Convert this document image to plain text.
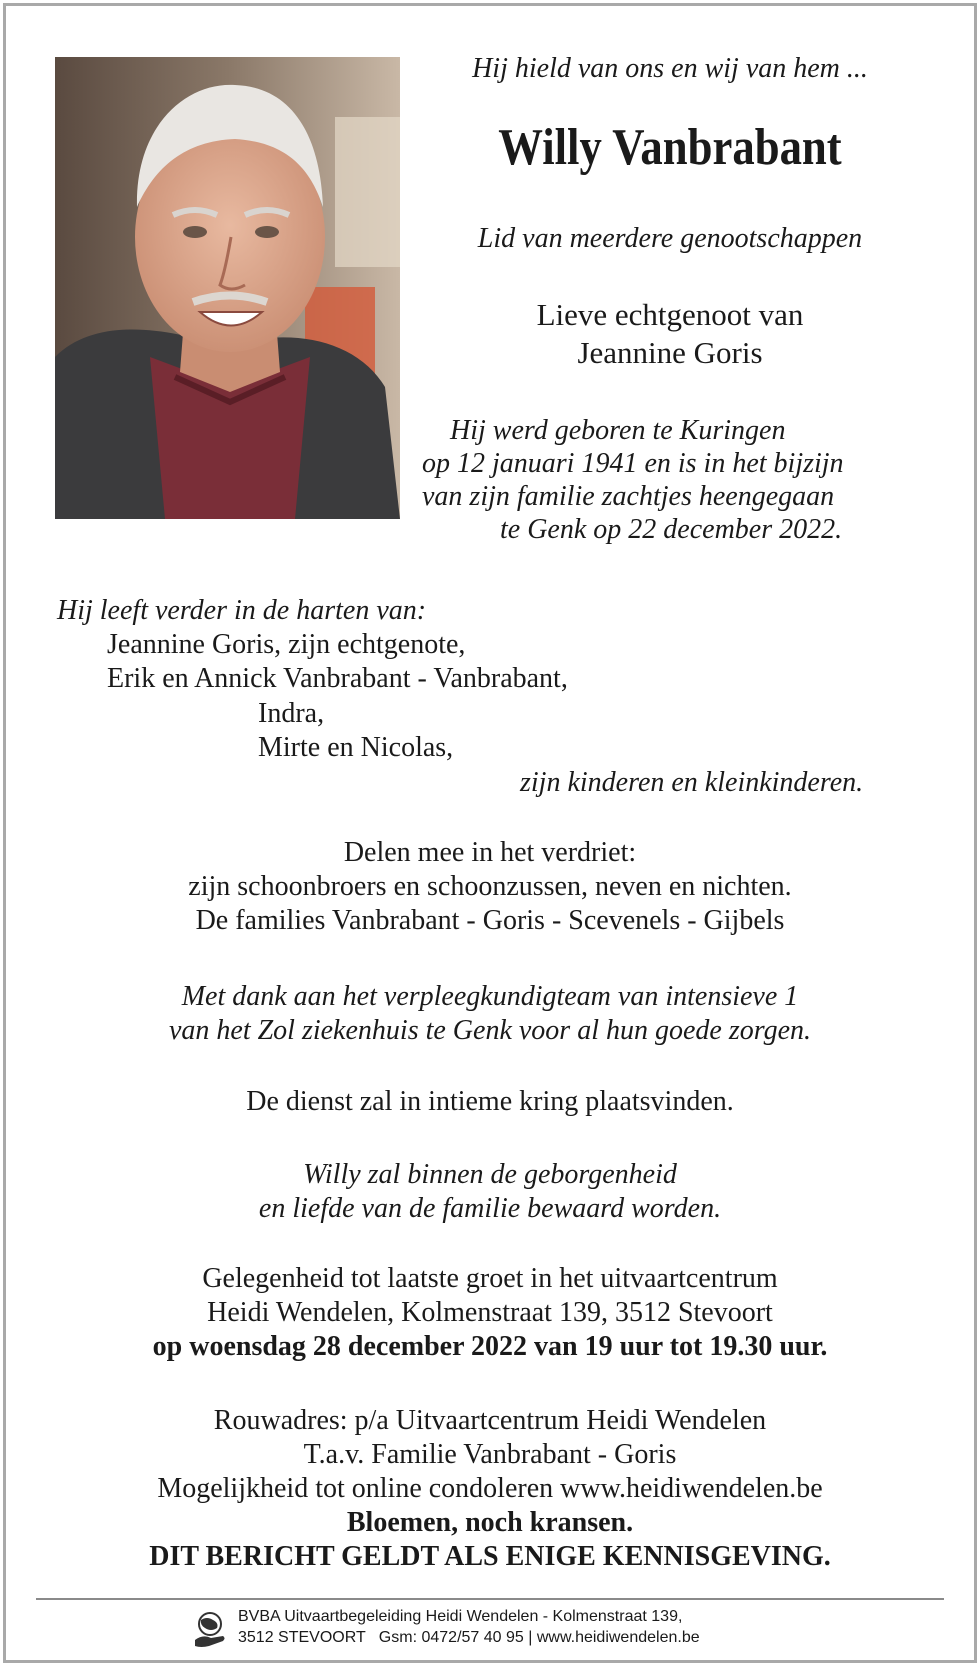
Hij hield van ons en wij van hem ...
Willy Vanbrabant
Lid van meerdere genootschappen
Lieve echtgenoot van
Jeannine Goris
Hij werd geboren te Kuringen
op 12 januari 1941 en is in het bijzijn
van zijn familie zachtjes heengegaan
te Genk op 22 december 2022.
Hij leeft verder in de harten van:
Jeannine Goris, zijn echtgenote,
Erik en Annick Vanbrabant - Vanbrabant,
Indra,
Mirte en Nicolas,
zijn kinderen en kleinkinderen.
Delen mee in het verdriet:
zijn schoonbroers en schoonzussen, neven en nichten.
De families Vanbrabant - Goris - Scevenels - Gijbels
Met dank aan het verpleegkundigteam van intensieve 1
van het Zol ziekenhuis te Genk voor al hun goede zorgen.
De dienst zal in intieme kring plaatsvinden.
Willy zal binnen de geborgenheid
en liefde van de familie bewaard worden.
Gelegenheid tot laatste groet in het uitvaartcentrum
Heidi Wendelen, Kolmenstraat 139, 3512 Stevoort
op woensdag 28 december 2022 van 19 uur tot 19.30 uur.
Rouwadres: p/a Uitvaartcentrum Heidi Wendelen
T.a.v. Familie Vanbrabant - Goris
Mogelijkheid tot online condoleren www.heidiwendelen.be
Bloemen, noch kransen.
DIT BERICHT GELDT ALS ENIGE KENNISGEVING.
BVBA Uitvaartbegeleiding Heidi Wendelen - Kolmenstraat 139,
3512 STEVOORT   Gsm: 0472/57 40 95 | www.heidiwendelen.be
